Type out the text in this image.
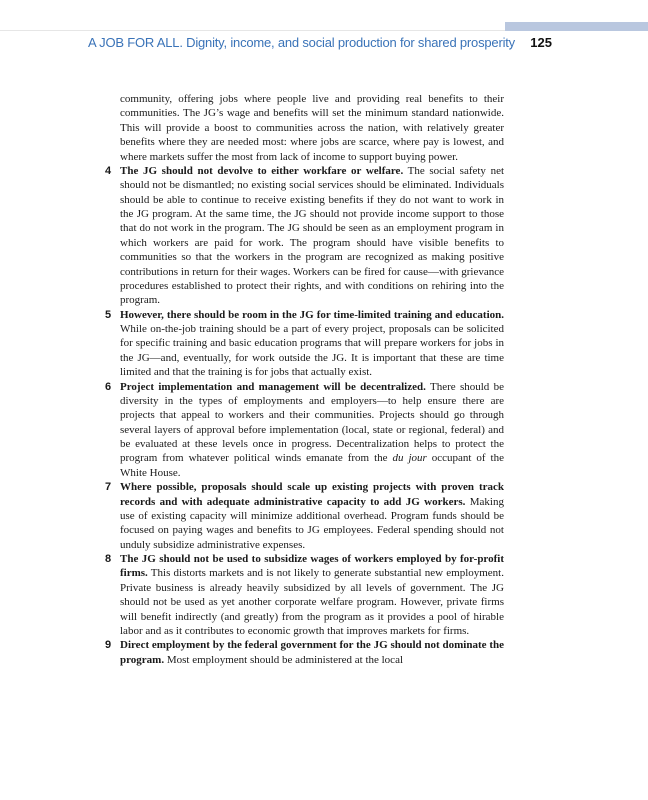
A JOB FOR ALL. Dignity, income, and social production for shared prosperity 125

community, offering jobs where people live and providing real benefits to their communities. The JG’s wage and benefits will set the minimum standard nationwide. This will provide a boost to communities across the nation, with relatively greater benefits where they are needed most: where jobs are scarce, where pay is lowest, and where markets suffer the most from lack of income to support buying power.

4 The JG should not devolve to either workfare or welfare. The social safety net should not be dismantled; no existing social services should be eliminated. Individuals should be able to continue to receive existing benefits if they do not want to work in the JG program. At the same time, the JG should not provide income support to those that do not work in the program. The JG should be seen as an employment program in which workers are paid for work. The program should have visible benefits to communities so that the workers in the program are recognized as making positive contributions in return for their wages. Workers can be fired for cause—with grievance procedures established to protect their rights, and with conditions on rehiring into the program.

5 However, there should be room in the JG for time-limited training and education. While on-the-job training should be a part of every project, proposals can be solicited for specific training and basic education programs that will prepare workers for jobs in the JG—and, eventually, for work outside the JG. It is important that these are time limited and that the training is for jobs that actually exist.

6 Project implementation and management will be decentralized. There should be diversity in the types of employments and employers—to help ensure there are projects that appeal to workers and their communities. Projects should go through several layers of approval before implementation (local, state or regional, federal) and be evaluated at these levels once in progress. Decentralization helps to protect the program from whatever political winds emanate from the du jour occupant of the White House.

7 Where possible, proposals should scale up existing projects with proven track records and with adequate administrative capacity to add JG workers. Making use of existing capacity will minimize additional overhead. Program funds should be focused on paying wages and benefits to JG employees. Federal spending should not unduly subsidize administrative expenses.

8 The JG should not be used to subsidize wages of workers employed by for-profit firms. This distorts markets and is not likely to generate substantial new employment. Private business is already heavily subsidized by all levels of government. The JG should not be used as yet another corporate welfare program. However, private firms will benefit indirectly (and greatly) from the program as it provides a pool of hirable labor and as it contributes to economic growth that improves markets for firms.

9 Direct employment by the federal government for the JG should not dominate the program. Most employment should be administered at the local
